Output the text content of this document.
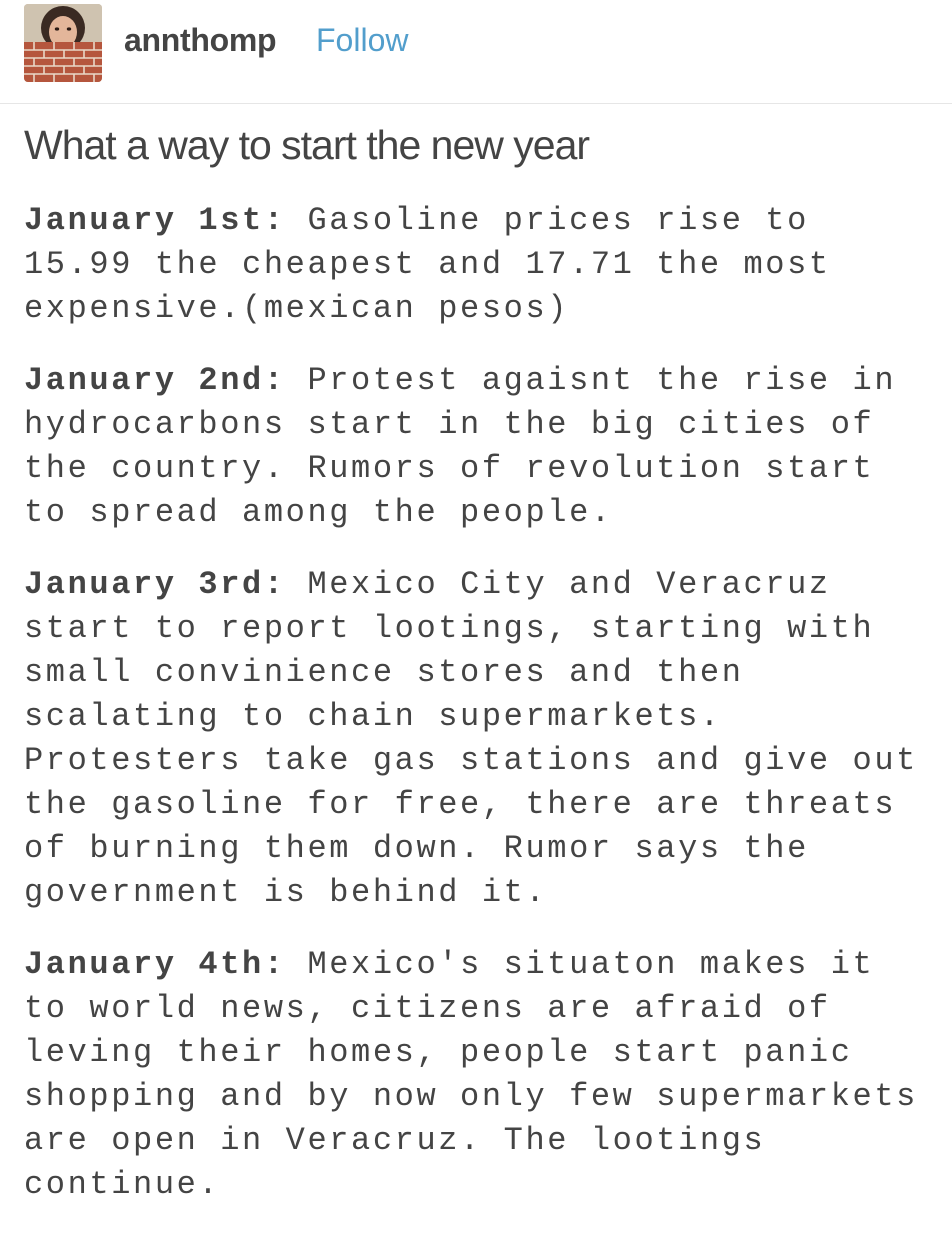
annthomp Follow
What a way to start the new year

January 1st: Gasoline prices rise to
15.99 the cheapest and 17.71 the most
expensive.(mexican pesos)

January 2nd: Protest agaisnt the rise in
hydrocarbons start in the big cities of
the country. Rumors of revolution start
to spread among the people.

January 3rd: Mexico City and Veracruz
start to report lootings, starting with
small convinience stores and then
scalating to chain supermarkets.
Protesters take gas stations and give out
the gasoline for free, there are threats
of burning them down. Rumor says the
government is behind it.

January 4th: Mexico's situaton makes it
to world news, citizens are afraid of
leving their homes, people start panic
shopping and by now only few supermarkets
are open in Veracruz. The lootings
continue.
